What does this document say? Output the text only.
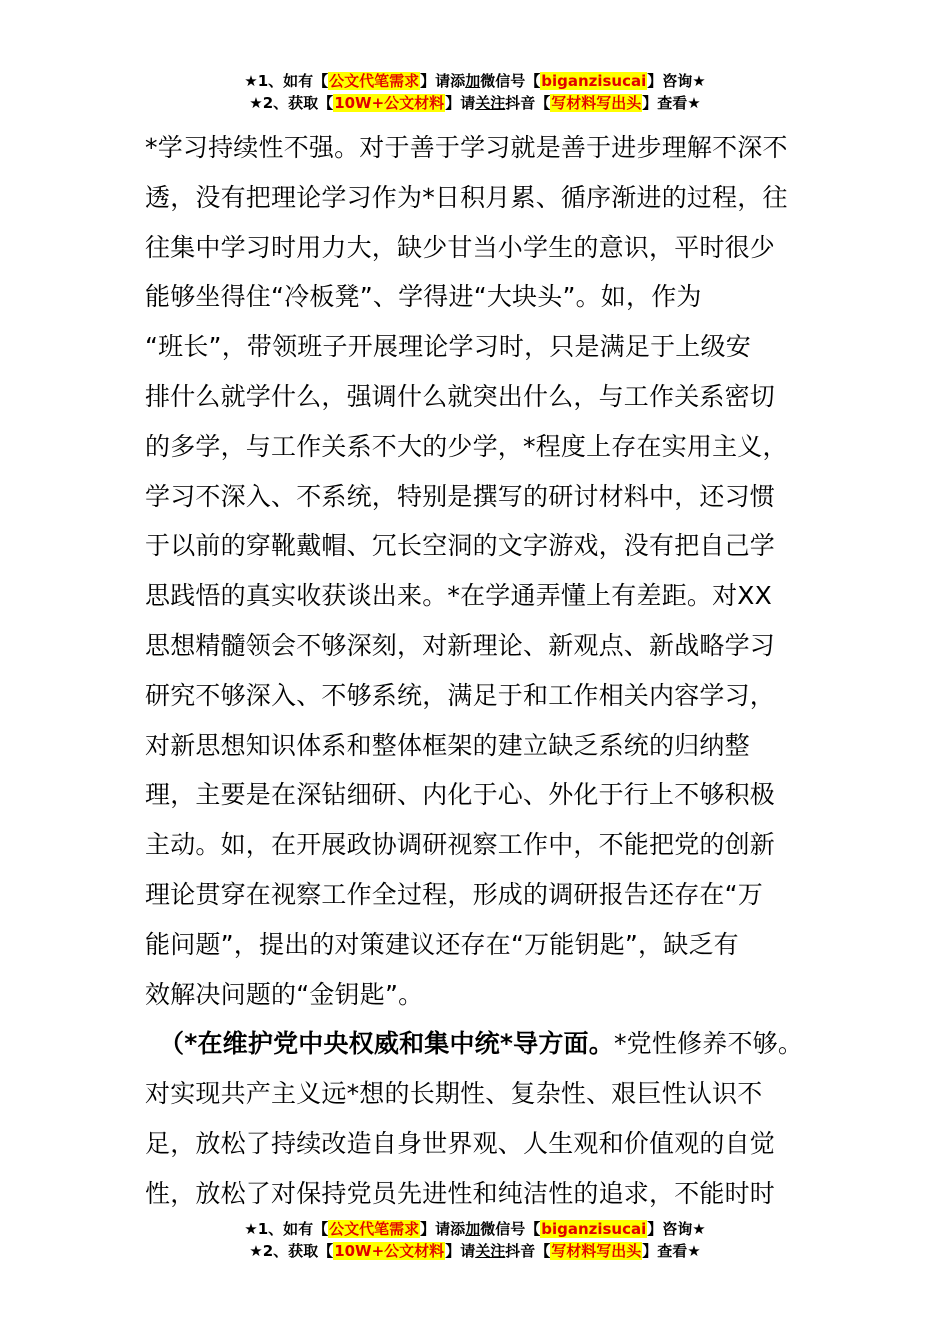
★1、如有【公文代笔需求】请添加微信号【biganzisucai】咨询★
★2、获取【10W+公文材料】请关注抖音【写材料写出头】查看★
*学习持续性不强。对于善于学习就是善于进步理解不深不
透，没有把理论学习作为*日积月累、循序渐进的过程，往
往集中学习时用力大，缺少甘当小学生的意识，平时很少
能够坐得住“冷板凳”、学得进“大块头”。如，作为
“班长”，带领班子开展理论学习时，只是满足于上级安
排什么就学什么，强调什么就突出什么，与工作关系密切
的多学，与工作关系不大的少学，*程度上存在实用主义，
学习不深入、不系统，特别是撰写的研讨材料中，还习惯
于以前的穿靴戴帽、冗长空洞的文字游戏，没有把自己学
思践悟的真实收获谈出来。*在学通弄懂上有差距。对XX
思想精髓领会不够深刻，对新理论、新观点、新战略学习
研究不够深入、不够系统，满足于和工作相关内容学习，
对新思想知识体系和整体框架的建立缺乏系统的归纳整
理，主要是在深钻细研、内化于心、外化于行上不够积极
主动。如，在开展政协调研视察工作中，不能把党的创新
理论贯穿在视察工作全过程，形成的调研报告还存在“万
能问题”，提出的对策建议还存在“万能钥匙”，缺乏有
效解决问题的“金钥匙”。
（*在维护党中央权威和集中统*导方面。*党性修养不够。
对实现共产主义远*想的长期性、复杂性、艰巨性认识不
足，放松了持续改造自身世界观、人生观和价值观的自觉
性，放松了对保持党员先进性和纯洁性的追求，不能时时
★1、如有【公文代笔需求】请添加微信号【biganzisucai】咨询★
★2、获取【10W+公文材料】请关注抖音【写材料写出头】查看★
